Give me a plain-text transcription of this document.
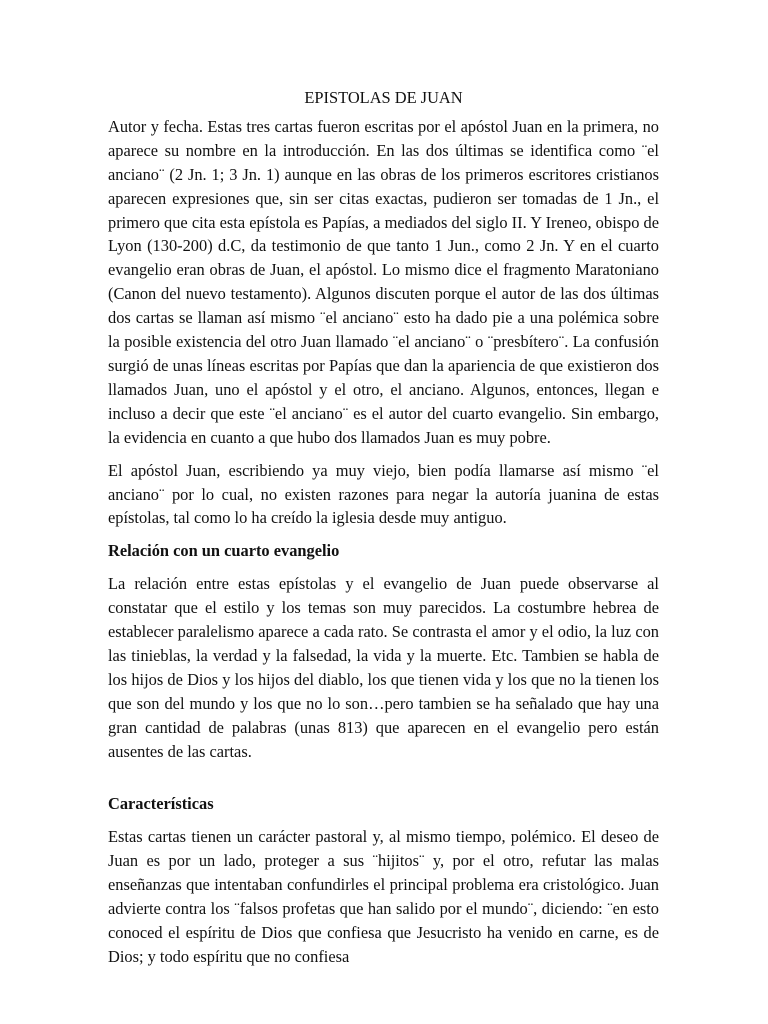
EPISTOLAS DE JUAN

Autor y fecha. Estas tres cartas fueron escritas por el apóstol Juan en la primera, no aparece su nombre en la introducción. En las dos últimas se identifica como ¨el anciano¨ (2 Jn. 1; 3 Jn. 1) aunque en las obras de los primeros escritores cristianos aparecen expresiones que, sin ser citas exactas, pudieron ser tomadas de 1 Jn., el primero que cita esta epístola es Papías, a mediados del siglo II. Y Ireneo, obispo de Lyon (130-200) d.C, da testimonio de que tanto 1 Jun., como 2 Jn. Y en el cuarto evangelio eran obras de Juan, el apóstol. Lo mismo dice el fragmento Maratoniano (Canon del nuevo testamento). Algunos discuten porque el autor de las dos últimas dos cartas se llaman así mismo ¨el anciano¨ esto ha dado pie a una polémica sobre la posible existencia del otro Juan llamado ¨el anciano¨ o ¨presbítero¨. La confusión surgió de unas líneas escritas por Papías que dan la apariencia de que existieron dos llamados Juan, uno el apóstol y el otro, el anciano. Algunos, entonces, llegan e incluso a decir que este ¨el anciano¨ es el autor del cuarto evangelio. Sin embargo, la evidencia en cuanto a que hubo dos llamados Juan es muy pobre.

El apóstol Juan, escribiendo ya muy viejo, bien podía llamarse así mismo ¨el anciano¨ por lo cual, no existen razones para negar la autoría juanina de estas epístolas, tal como lo ha creído la iglesia desde muy antiguo.

Relación con un cuarto evangelio

La relación entre estas epístolas y el evangelio de Juan puede observarse al constatar que el estilo y los temas son muy parecidos. La costumbre hebrea de establecer paralelismo aparece a cada rato. Se contrasta el amor y el odio, la luz con las tinieblas, la verdad y la falsedad, la vida y la muerte. Etc. Tambien se habla de los hijos de Dios y los hijos del diablo, los que tienen vida y los que no la tienen los que son del mundo y los que no lo son…pero tambien se ha señalado que hay una gran cantidad de palabras (unas 813) que aparecen en el evangelio pero están ausentes de las cartas.

Características

Estas cartas tienen un carácter pastoral y, al mismo tiempo, polémico. El deseo de Juan es por un lado, proteger a sus ¨hijitos¨ y, por el otro, refutar las malas enseñanzas que intentaban confundirles el principal problema era cristológico. Juan advierte contra los ¨falsos profetas que han salido por el mundo¨, diciendo: ¨en esto conoced el espíritu de Dios que confiesa que Jesucristo ha venido en carne, es de Dios; y todo espíritu que no confiesa
